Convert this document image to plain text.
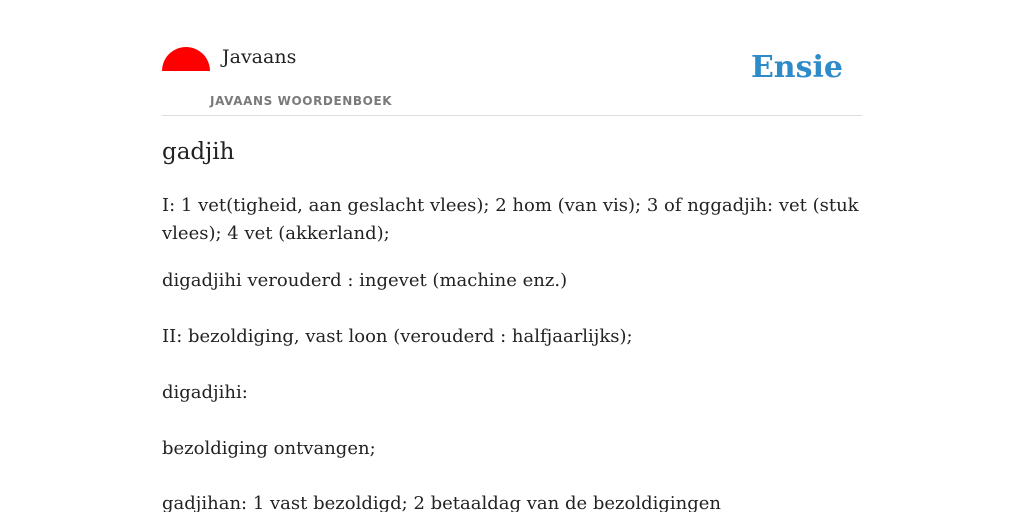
Javaans
JAVAANS WOORDENBOEK
Ensie
gadjih

I: 1 vet(tigheid, aan geslacht vlees); 2 hom (van vis); 3 of nggadjih: vet (stuk vlees); 4 vet (akkerland);

digadjihi verouderd : ingevet (machine enz.)

II: bezoldiging, vast loon (verouderd : halfjaarlijks);

digadjihi:

bezoldiging ontvangen;

gadjihan: 1 vast bezoldigd; 2 betaaldag van de bezoldigingen
